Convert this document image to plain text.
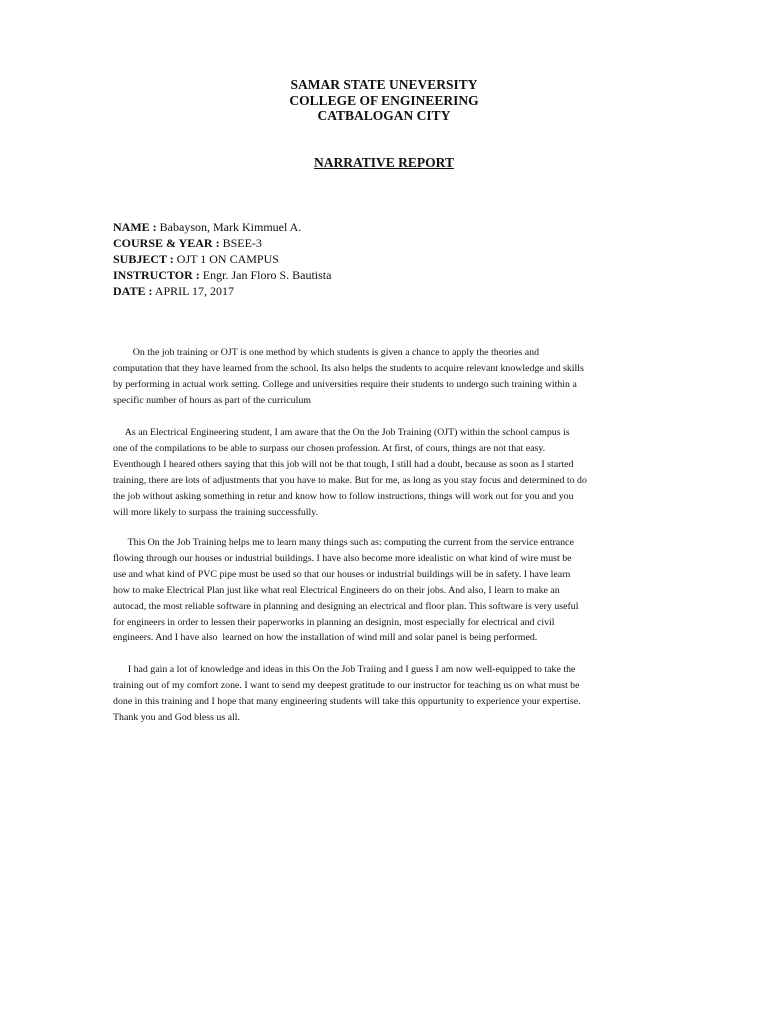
SAMAR STATE UNEVERSITY
COLLEGE OF ENGINEERING
CATBALOGAN CITY
NARRATIVE REPORT
NAME : Babayson, Mark Kimmuel A.
COURSE & YEAR : BSEE-3
SUBJECT : OJT 1 ON CAMPUS
INSTRUCTOR : Engr. Jan Floro S. Bautista
DATE : APRIL 17, 2017
On the job training or OJT is one method by which students is given a chance to apply the theories and
computation that they have learned from the school. Its also helps the students to acquire relevant knowledge and skills
by performing in actual work setting. College and universities require their students to undergo such training within a
specific number of hours as part of the curriculum
As an Electrical Engineering student, I am aware that the On the Job Training (OJT) within the school campus is
one of the compilations to be able to surpass our chosen profession. At first, of cours, things are not that easy.
Eventhough I heared others saying that this job will not be that tough, I still had a doubt, because as soon as I started
training, there are lots of adjustments that you have to make. But for me, as long as you stay focus and determined to do
the job without asking something in retur and know how to follow instructions, things will work out for you and you
will more likely to surpass the training successfully.
This On the Job Training helps me to learn many things such as: computing the current from the service entrance
flowing through our houses or industrial buildings. I have also become more idealistic on what kind of wire must be
use and what kind of PVC pipe must be used so that our houses or industrial buildings will be in safety. I have learn
how to make Electrical Plan just like what real Electrical Engineers do on their jobs. And also, I learn to make an
autocad, the most reliable software in planning and designing an electrical and floor plan. This software is very useful
for engineers in order to lessen their paperworks in planning an designin, most especially for electrical and civil
engineers. And I have also  learned on how the installation of wind mill and solar panel is being performed.
I had gain a lot of knowledge and ideas in this On the Job Traiing and I guess I am now well-equipped to take the
training out of my comfort zone. I want to send my deepest gratitude to our instructor for teaching us on what must be
done in this training and I hope that many engineering students will take this oppurtunity to experience your expertise.
Thank you and God bless us all.
